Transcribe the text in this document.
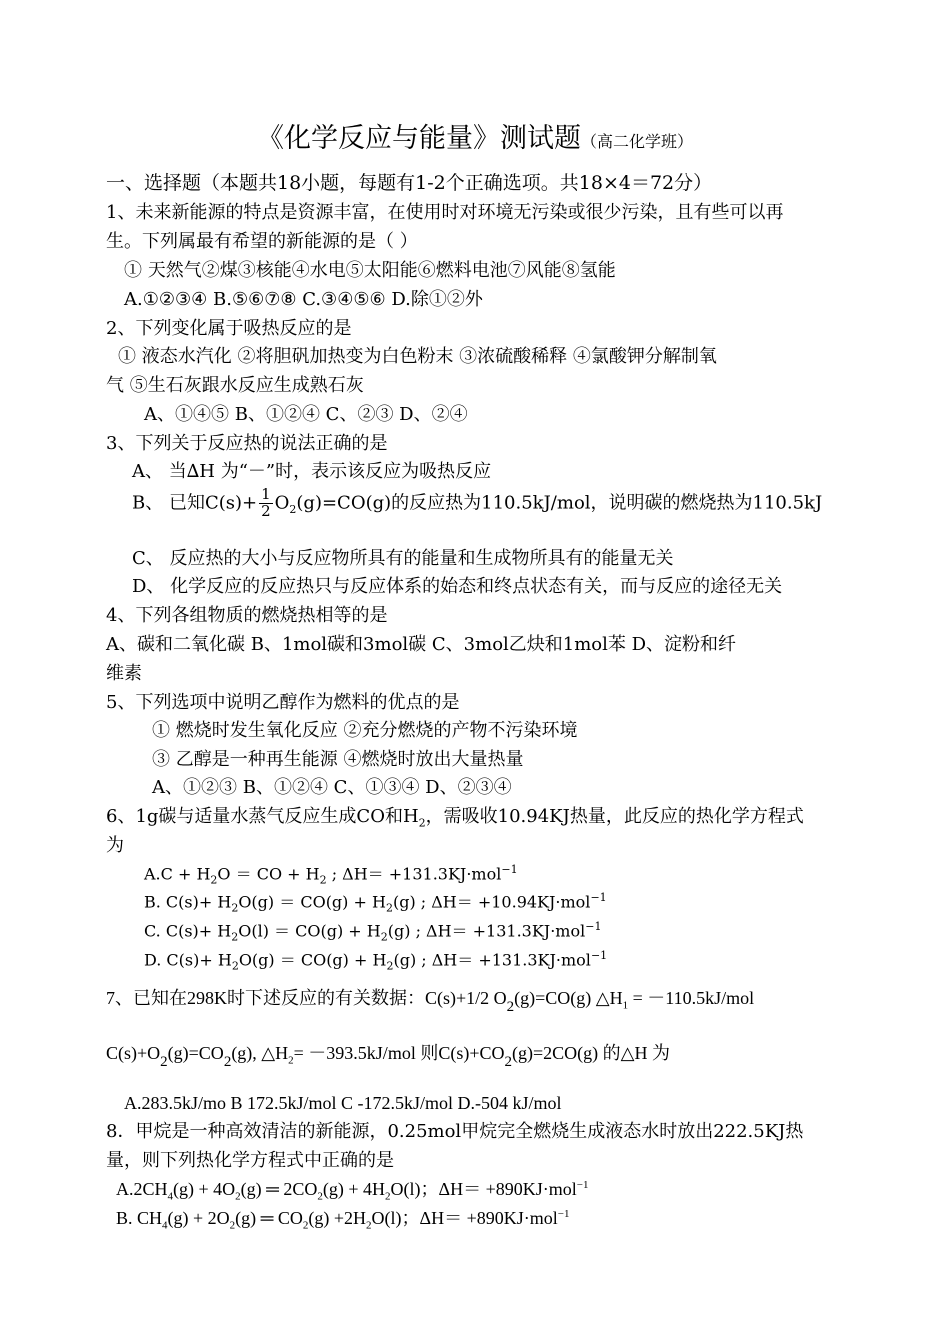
《化学反应与能量》测试题（高二化学班）
一、选择题（本题共18小题，每题有1-2个正确选项。共18×4＝72分）
1、未来新能源的特点是资源丰富，在使用时对环境无污染或很少污染，且有些可以再
生。下列属最有希望的新能源的是（ ）
① 天然气②煤③核能④水电⑤太阳能⑥燃料电池⑦风能⑧氢能
A.①②③④ B.⑤⑥⑦⑧ C.③④⑤⑥ D.除①②外
2、下列变化属于吸热反应的是
① 液态水汽化 ②将胆矾加热变为白色粉末 ③浓硫酸稀释 ④氯酸钾分解制氧
气 ⑤生石灰跟水反应生成熟石灰
A、①④⑤ B、①②④ C、②③ D、②④
3、下列关于反应热的说法正确的是
A、 当∆H 为“－”时，表示该反应为吸热反应
B、 已知$C(s)+ \frac{1}{2} O_2(g)=CO(g)$的反应热为110.5kJ/mol，说明碳的燃烧热为110.5kJ
C、 反应热的大小与反应物所具有的能量和生成物所具有的能量无关
D、 化学反应的反应热只与反应体系的始态和终点状态有关，而与反应的途径无关
4、下列各组物质的燃烧热相等的是
A、碳和二氧化碳 B、1mol碳和3mol碳 C、3mol乙炔和1mol苯 D、淀粉和纤
维素
5、下列选项中说明乙醇作为燃料的优点的是
① 燃烧时发生氧化反应 ②充分燃烧的产物不污染环境
③ 乙醇是一种再生能源 ④燃烧时放出大量热量
A、①②③ B、①②④ C、①③④ D、②③④
6、1g碳与适量水蒸气反应生成CO和$H_2$，需吸收10.94KJ热量，此反应的热化学方程式
为
$A.C + H_2O$ ＝ CO + $H_2$ ; ΔH＝ +131.3KJ·mol$^{-1}$
B. $C(s)+ H_2O(g) = CO(g) + H_2(g)$ ; ΔH＝ +10.94KJ·mol$^{-1}$
C. $C(s)+ H_2O(l) = CO(g) + H_2(g)$ ; ΔH＝ +131.3KJ·mol$^{-1}$
D. $C(s)+ H_2O(g) = CO(g) + H_2(g)$ ; ΔH＝ +131.3KJ·mol$^{-1}$
7、已知在298K时下述反应的有关数据：C(s)+1/2 $O_2(g)=CO(g)$ $\triangle H_1 = -110.5kJ/mol$
$C(s)+O_2(g)=CO_2(g)$, $\triangle H_2= -393.5kJ/mol$ 则$C(s)+CO_2(g)=2CO(g)$ 的△H 为
A.283.5kJ/mo B 172.5kJ/mol C -172.5kJ/mol D.-504 kJ/mol
8．甲烷是一种高效清洁的新能源，0.25mol甲烷完全燃烧生成液态水时放出222.5KJ热
量，则下列热化学方程式中正确的是
$A.2CH_4(g) + 4O_2(g)$ ═ $2CO_2(g) + 4H_2O(l)$；ΔH＝ +890KJ·mol$^{-1}$
B. $CH_4(g) + 2O_2(g)$ ═ $CO_2(g) +2H_2O(l)$；ΔH＝ +890KJ·mol$^{-1}$
